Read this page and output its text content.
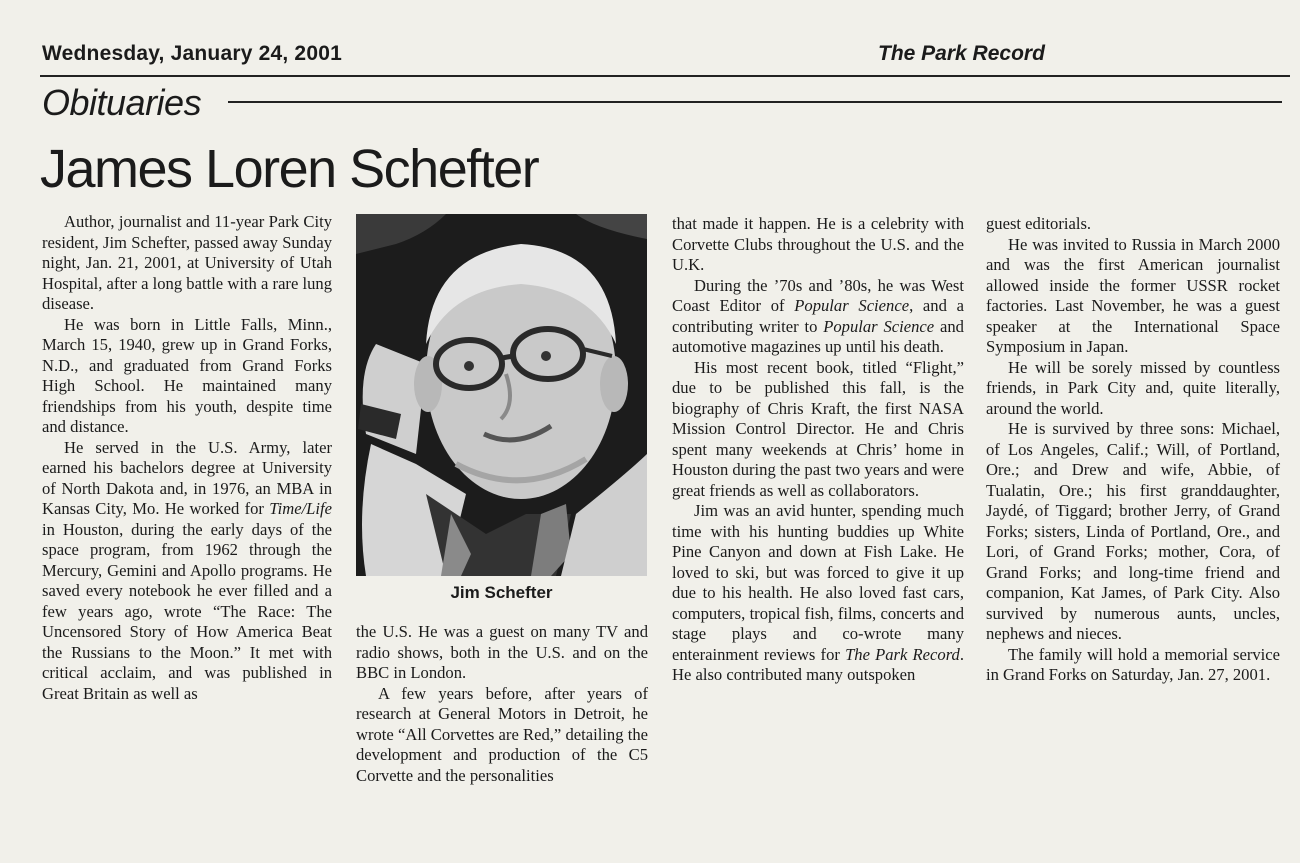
Wednesday, January 24, 2001	The Park Record
Obituaries
James Loren Schefter

Author, journalist and 11-year Park City resident, Jim Schefter, passed away Sunday night, Jan. 21, 2001, at University of Utah Hospital, after a long battle with a rare lung disease.

He was born in Little Falls, Minn., March 15, 1940, grew up in Grand Forks, N.D., and graduated from Grand Forks High School. He maintained many friendships from his youth, despite time and distance.

He served in the U.S. Army, later earned his bachelors degree at University of North Dakota and, in 1976, an MBA in Kansas City, Mo. He worked for Time/Life in Houston, during the early days of the space program, from 1962 through the Mercury, Gemini and Apollo programs. He saved every notebook he ever filled and a few years ago, wrote “The Race: The Uncensored Story of How America Beat the Russians to the Moon.” It met with critical acclaim, and was published in Great Britain as well as

Jim Schefter

the U.S. He was a guest on many TV and radio shows, both in the U.S. and on the BBC in London.

A few years before, after years of research at General Motors in Detroit, he wrote “All Corvettes are Red,” detailing the development and production of the C5 Corvette and the personalities

that made it happen. He is a celebrity with Corvette Clubs throughout the U.S. and the U.K.

During the ’70s and ’80s, he was West Coast Editor of Popular Science, and a contributing writer to Popular Science and automotive magazines up until his death.

His most recent book, titled “Flight,” due to be published this fall, is the biography of Chris Kraft, the first NASA Mission Control Director. He and Chris spent many weekends at Chris’ home in Houston during the past two years and were great friends as well as collaborators.

Jim was an avid hunter, spending much time with his hunting buddies up White Pine Canyon and down at Fish Lake. He loved to ski, but was forced to give it up due to his health. He also loved fast cars, computers, tropical fish, films, concerts and stage plays and co-wrote many enterainment reviews for The Park Record. He also contributed many outspoken

guest editorials.

He was invited to Russia in March 2000 and was the first American journalist allowed inside the former USSR rocket factories. Last November, he was a guest speaker at the International Space Symposium in Japan.

He will be sorely missed by countless friends, in Park City and, quite literally, around the world.

He is survived by three sons: Michael, of Los Angeles, Calif.; Will, of Portland, Ore.; and Drew and wife, Abbie, of Tualatin, Ore.; his first granddaughter, Jaydé, of Tiggard; brother Jerry, of Grand Forks; sisters, Linda of Portland, Ore., and Lori, of Grand Forks; mother, Cora, of Grand Forks; and long-time friend and companion, Kat James, of Park City. Also survived by numerous aunts, uncles, nephews and nieces.

The family will hold a memorial service in Grand Forks on Saturday, Jan. 27, 2001.
